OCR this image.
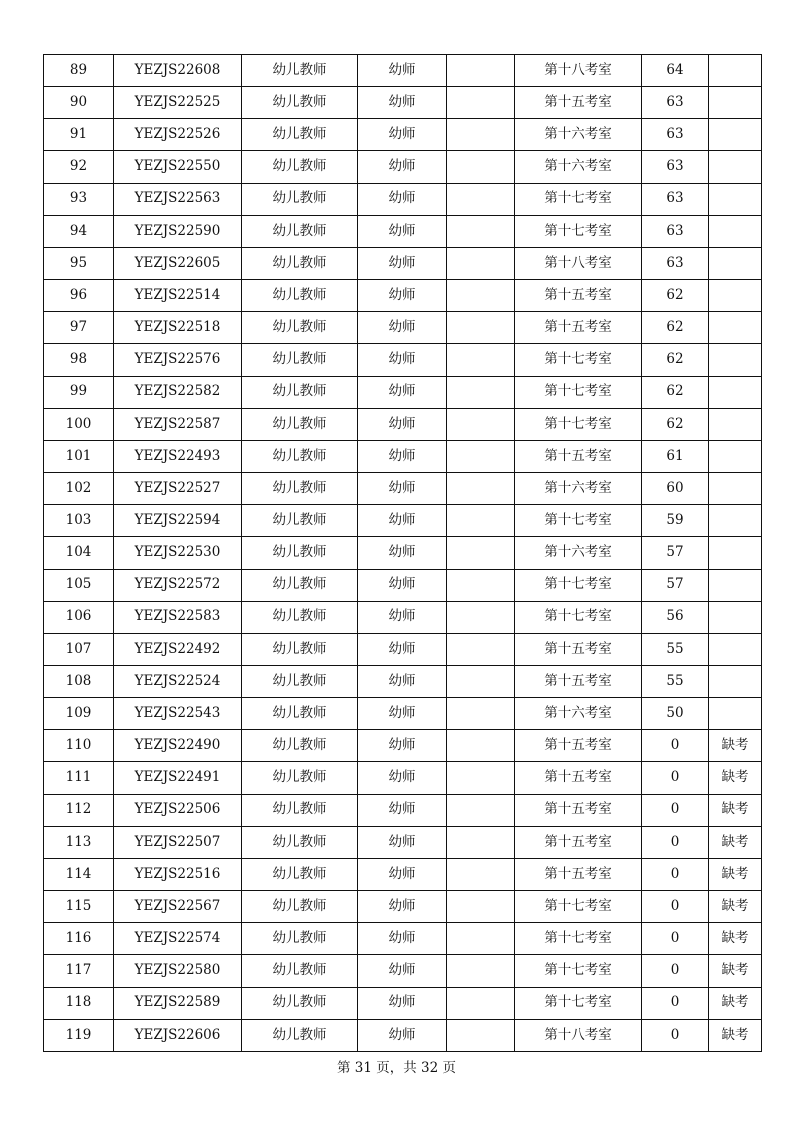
89	YEZJS22608	幼儿教师	幼师		第十八考室	64	
90	YEZJS22525	幼儿教师	幼师		第十五考室	63	
91	YEZJS22526	幼儿教师	幼师		第十六考室	63	
92	YEZJS22550	幼儿教师	幼师		第十六考室	63	
93	YEZJS22563	幼儿教师	幼师		第十七考室	63	
94	YEZJS22590	幼儿教师	幼师		第十七考室	63	
95	YEZJS22605	幼儿教师	幼师		第十八考室	63	
96	YEZJS22514	幼儿教师	幼师		第十五考室	62	
97	YEZJS22518	幼儿教师	幼师		第十五考室	62	
98	YEZJS22576	幼儿教师	幼师		第十七考室	62	
99	YEZJS22582	幼儿教师	幼师		第十七考室	62	
100	YEZJS22587	幼儿教师	幼师		第十七考室	62	
101	YEZJS22493	幼儿教师	幼师		第十五考室	61	
102	YEZJS22527	幼儿教师	幼师		第十六考室	60	
103	YEZJS22594	幼儿教师	幼师		第十七考室	59	
104	YEZJS22530	幼儿教师	幼师		第十六考室	57	
105	YEZJS22572	幼儿教师	幼师		第十七考室	57	
106	YEZJS22583	幼儿教师	幼师		第十七考室	56	
107	YEZJS22492	幼儿教师	幼师		第十五考室	55	
108	YEZJS22524	幼儿教师	幼师		第十五考室	55	
109	YEZJS22543	幼儿教师	幼师		第十六考室	50	
110	YEZJS22490	幼儿教师	幼师		第十五考室	0	缺考
111	YEZJS22491	幼儿教师	幼师		第十五考室	0	缺考
112	YEZJS22506	幼儿教师	幼师		第十五考室	0	缺考
113	YEZJS22507	幼儿教师	幼师		第十五考室	0	缺考
114	YEZJS22516	幼儿教师	幼师		第十五考室	0	缺考
115	YEZJS22567	幼儿教师	幼师		第十七考室	0	缺考
116	YEZJS22574	幼儿教师	幼师		第十七考室	0	缺考
117	YEZJS22580	幼儿教师	幼师		第十七考室	0	缺考
118	YEZJS22589	幼儿教师	幼师		第十七考室	0	缺考
119	YEZJS22606	幼儿教师	幼师		第十八考室	0	缺考
第 31 页，共 32 页
